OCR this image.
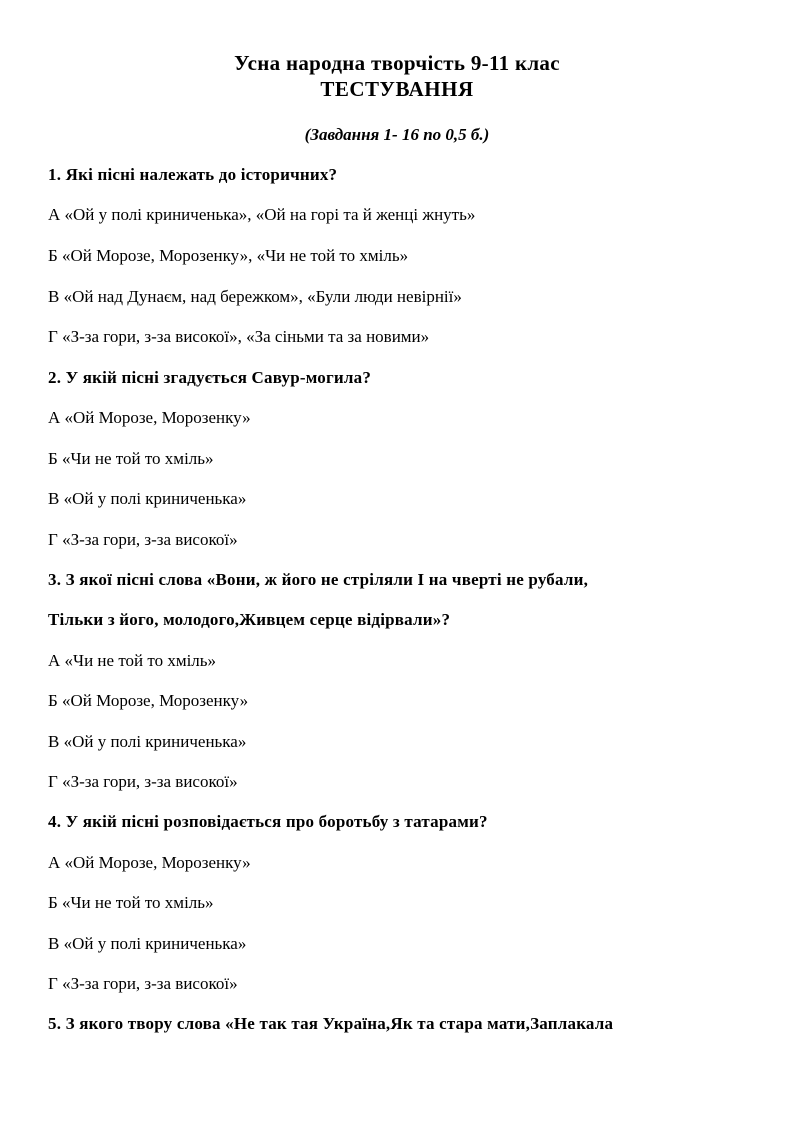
Усна народна творчість 9-11 клас
ТЕСТУВАННЯ
(Завдання 1- 16 по 0,5 б.)
1. Які пісні належать до історичних?
А «Ой у полі криниченька», «Ой на горі та й женці жнуть»
Б «Ой Морозе, Морозенку», «Чи не той то хміль»
В «Ой над Дунаєм, над бережком», «Були люди невірнії»
Г «З-за гори, з-за високої», «За сіньми та за новими»
2. У якій пісні згадується Савур-могила?
А «Ой Морозе, Морозенку»
Б «Чи не той то хміль»
В «Ой у полі криниченька»
Г «З-за гори, з-за високої»
3. З якої пісні слова «Вони, ж його не стріляли І на чверті не рубали,
Тільки з його, молодого,Живцем серце відірвали»?
А «Чи не той то хміль»
Б «Ой Морозе, Морозенку»
В «Ой у полі криниченька»
Г «З-за гори, з-за високої»
4. У якій пісні розповідається про боротьбу з татарами?
А «Ой Морозе, Морозенку»
Б «Чи не той то хміль»
В «Ой у полі криниченька»
Г «З-за гори, з-за високої»
5. З якого твору слова «Не так тая Україна,Як та стара мати,Заплакала
